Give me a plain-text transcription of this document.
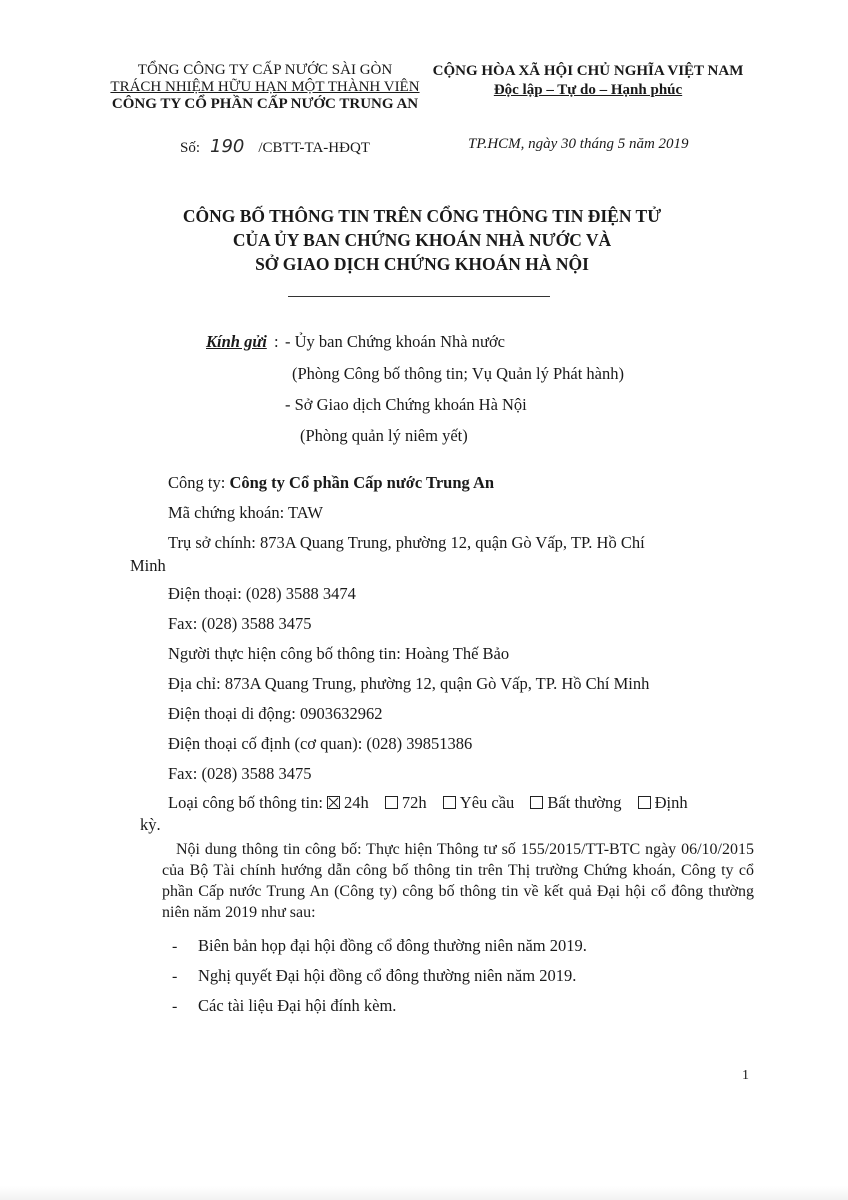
TỔNG CÔNG TY CẤP NƯỚC SÀI GÒN
TRÁCH NHIỆM HỮU HẠN MỘT THÀNH VIÊN
CÔNG TY CỔ PHẦN CẤP NƯỚC TRUNG AN
CỘNG HÒA XÃ HỘI CHỦ NGHĨA VIỆT NAM
Độc lập – Tự do – Hạnh phúc
Số: 190 /CBTT-TA-HĐQT	TP.HCM, ngày 30 tháng 5 năm 2019
CÔNG BỐ THÔNG TIN TRÊN CỔNG THÔNG TIN ĐIỆN TỬ
CỦA ỦY BAN CHỨNG KHOÁN NHÀ NƯỚC VÀ
SỞ GIAO DỊCH CHỨNG KHOÁN HÀ NỘI
Kính gửi : - Ủy ban Chứng khoán Nhà nước
(Phòng Công bố thông tin; Vụ Quản lý Phát hành)
- Sở Giao dịch Chứng khoán Hà Nội
(Phòng quản lý niêm yết)
Công ty: Công ty Cổ phần Cấp nước Trung An
Mã chứng khoán: TAW
Trụ sở chính: 873A Quang Trung, phường 12, quận Gò Vấp, TP. Hồ Chí
Minh
Điện thoại: (028) 3588 3474
Fax: (028) 3588 3475
Người thực hiện công bố thông tin: Hoàng Thế Bảo
Địa chỉ: 873A Quang Trung, phường 12, quận Gò Vấp, TP. Hồ Chí Minh
Điện thoại di động: 0903632962
Điện thoại cố định (cơ quan): (028) 39851386
Fax: (028) 3588 3475
Loại công bố thông tin: 24h 72h Yêu cầu Bất thường Định
kỳ.
Nội dung thông tin công bố: Thực hiện Thông tư số 155/2015/TT-BTC ngày 06/10/2015 của Bộ Tài chính hướng dẫn công bố thông tin trên Thị trường Chứng khoán, Công ty cổ phần Cấp nước Trung An (Công ty) công bố thông tin về kết quả Đại hội cổ đông thường niên năm 2019 như sau:
- Biên bản họp đại hội đồng cổ đông thường niên năm 2019.
- Nghị quyết Đại hội đồng cổ đông thường niên năm 2019.
- Các tài liệu Đại hội đính kèm.
1
